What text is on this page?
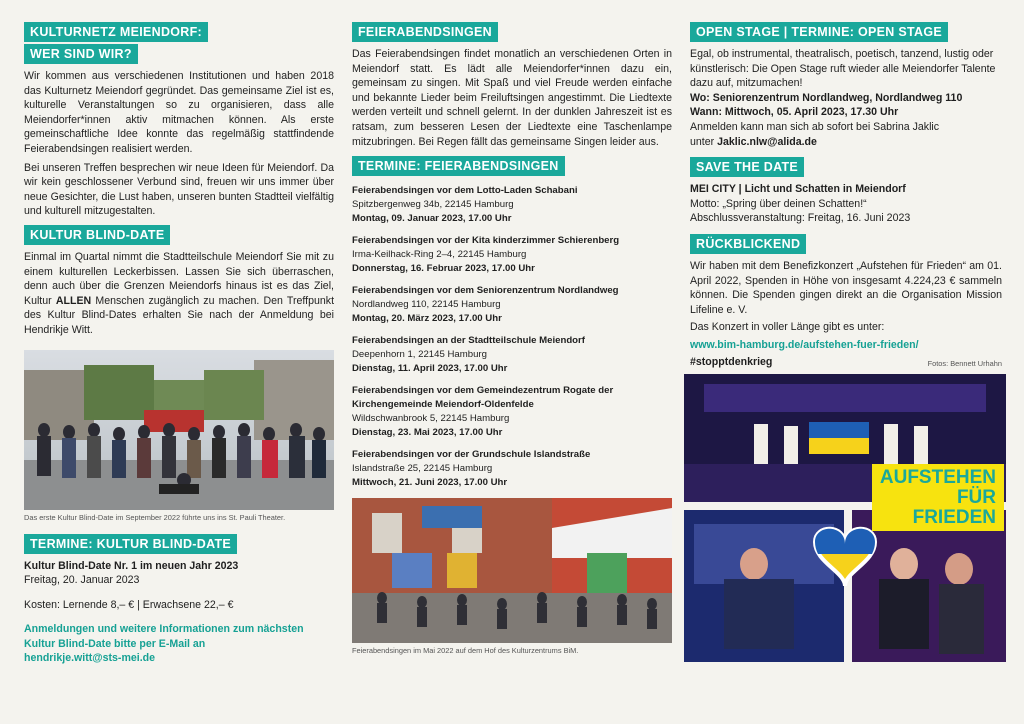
KULTURNETZ MEIENDORF:
WER SIND WIR?

Wir kommen aus verschiedenen Institutionen und haben 2018 das Kulturnetz Meiendorf gegründet. Das gemeinsame Ziel ist es, kulturelle Veranstaltungen so zu organisieren, dass alle Meiendorfer*innen aktiv mitmachen können. Als erste gemeinschaftliche Idee konnte das regelmäßig stattfindende Feierabendsingen realisiert werden.

Bei unseren Treffen besprechen wir neue Ideen für Meiendorf. Da wir kein geschlossener Verbund sind, freuen wir uns immer über neue Gesichter, die Lust haben, unseren bunten Stadtteil vielfältig und kulturell mitzugestalten.

KULTUR BLIND-DATE

Einmal im Quartal nimmt die Stadtteilschule Meiendorf Sie mit zu einem kulturellen Leckerbissen. Lassen Sie sich überraschen, denn auch über die Grenzen Meiendorfs hinaus ist es das Ziel, Kultur ALLEN Menschen zugänglich zu machen. Den Treffpunkt des Kultur Blind-Dates erhalten Sie nach der Anmeldung bei Hendrikje Witt.

Das erste Kultur Blind-Date im September 2022 führte uns ins St. Pauli Theater.
TERMINE: KULTUR BLIND-DATE

Kultur Blind-Date Nr. 1 im neuen Jahr 2023

Freitag, 20. Januar 2023

Kosten: Lernende 8,– € | Erwachsene 22,– €

Anmeldungen und weitere Informationen zum nächsten

Kultur Blind-Date bitte per E-Mail an

hendrikje.witt@sts-mei.de

FEIERABENDSINGEN

Das Feierabendsingen findet monatlich an verschiedenen Orten in Meiendorf statt. Es lädt alle Meiendorfer*innen dazu ein, gemeinsam zu singen. Mit Spaß und viel Freude werden einfache und bekannte Lieder beim Freiluftsingen angestimmt. Die Liedtexte werden verteilt und schnell gelernt. In der dunklen Jahreszeit ist es ratsam, zum besseren Lesen der Liedtexte eine Taschenlampe mitzubringen. Bei Regen fällt das gemeinsame Singen leider aus.

TERMINE: FEIERABENDSINGEN
Feierabendsingen vor dem Lotto-Laden Schabani
Spitzbergenweg 34b, 22145 Hamburg
Montag, 09. Januar 2023, 17.00 Uhr
Feierabendsingen vor der Kita kinderzimmer Schierenberg
Irma-Keilhack-Ring 2–4, 22145 Hamburg
Donnerstag, 16. Februar 2023, 17.00 Uhr
Feierabendsingen vor dem Seniorenzentrum Nordlandweg
Nordlandweg 110, 22145 Hamburg
Montag, 20. März 2023, 17.00 Uhr
Feierabendsingen an der Stadtteilschule Meiendorf
Deepenhorn 1, 22145 Hamburg
Dienstag, 11. April 2023, 17.00 Uhr
Feierabendsingen vor dem Gemeindezentrum Rogate der Kirchengemeinde Meiendorf-Oldenfelde
Wildschwanbrook 5, 22145 Hamburg
Dienstag, 23. Mai 2023, 17.00 Uhr
Feierabendsingen vor der Grundschule Islandstraße
Islandstraße 25, 22145 Hamburg
Mittwoch, 21. Juni 2023, 17.00 Uhr
Feierabendsingen im Mai 2022 auf dem Hof des Kulturzentrums BiM.
OPEN STAGE | TERMINE: OPEN STAGE

Egal, ob instrumental, theatralisch, poetisch, tanzend, lustig oder künstlerisch: Die Open Stage ruft wieder alle Meiendorfer Talente dazu auf, mitzumachen!

Wo: Seniorenzentrum Nordlandweg, Nordlandweg 110

Wann: Mittwoch, 05. April 2023, 17.30 Uhr

Anmelden kann man sich ab sofort bei Sabrina Jaklic

unter Jaklic.nlw@alida.de

SAVE THE DATE

MEI CITY | Licht und Schatten in Meiendorf

Motto: „Spring über deinen Schatten!“

Abschlussveranstaltung: Freitag, 16. Juni 2023

RÜCKBLICKEND

Wir haben mit dem Benefizkonzert „Aufstehen für Frieden“ am 01. April 2022, Spenden in Höhe von insgesamt 4.224,23 € sammeln können. Die Spenden gingen direkt an die Organisation Mission Lifeline e. V.

Das Konzert in voller Länge gibt es unter:

www.bim-hamburg.de/aufstehen-fuer-frieden/

#stopptdenkrieg	Fotos: Bennett Urhahn
AUFSTEHEN
FÜR
FRIEDEN
